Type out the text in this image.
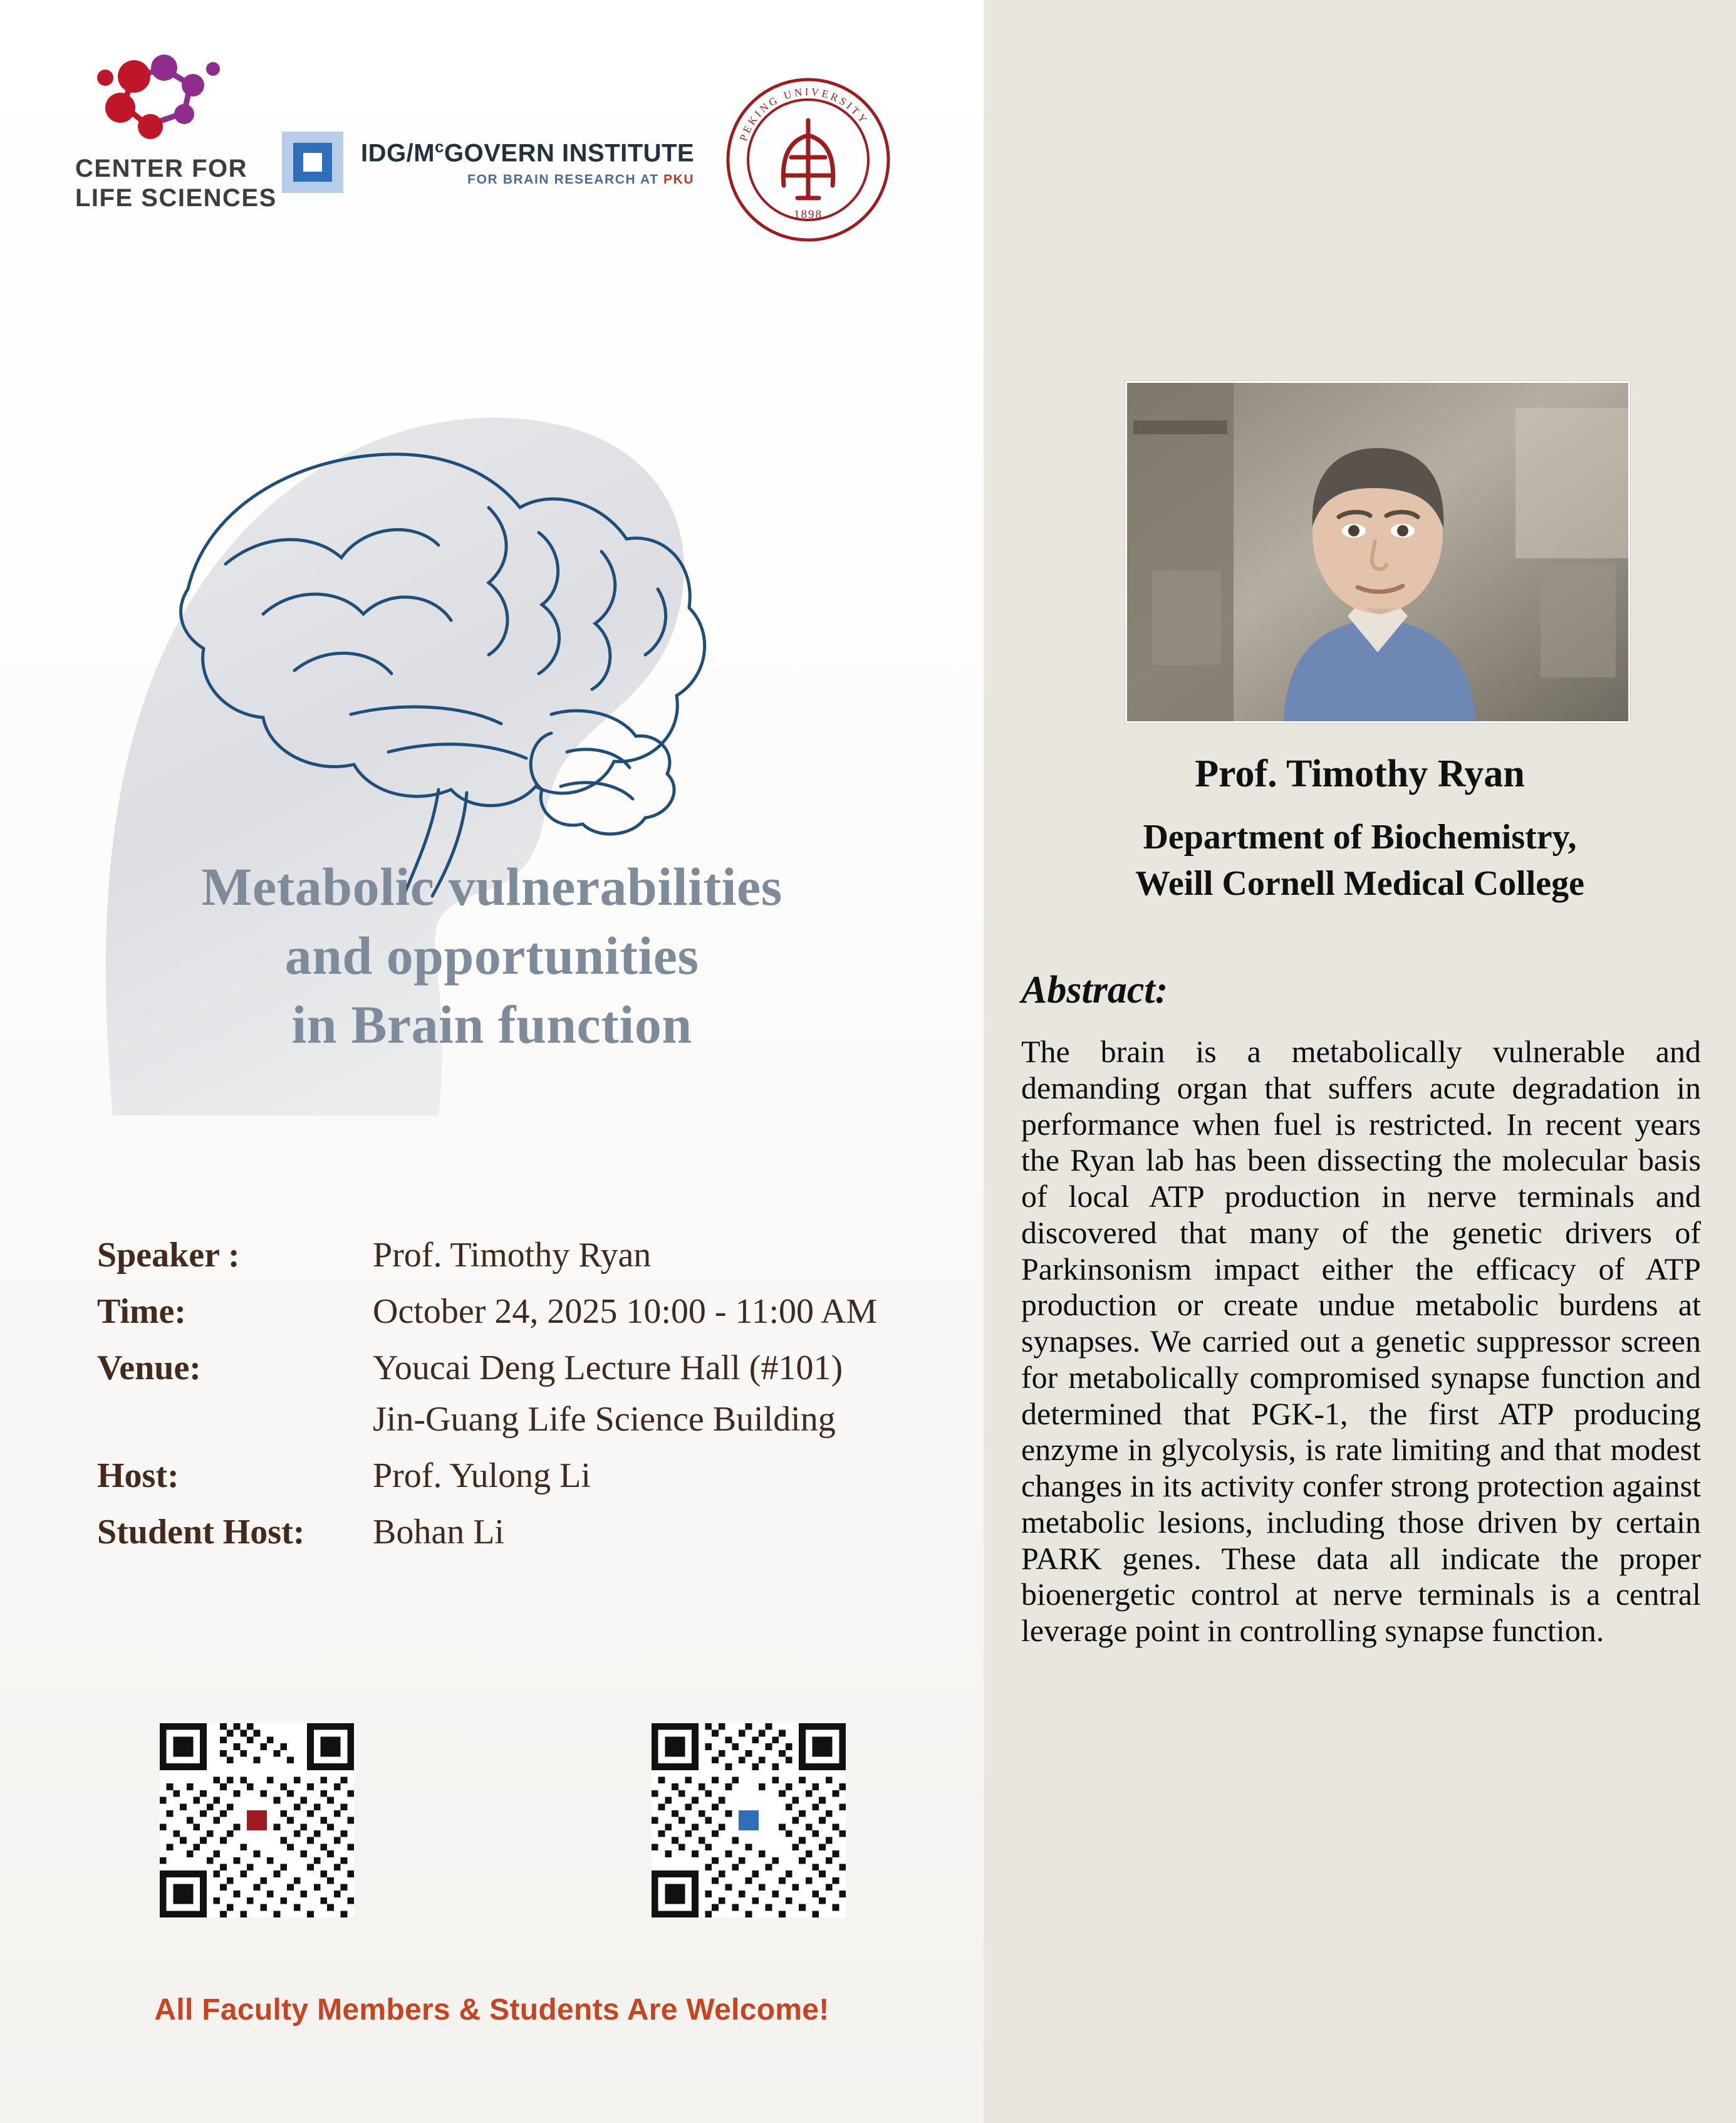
CENTER FOR
LIFE SCIENCES
IDG/$M^cGOVERN$ INSTITUTE
FOR BRAIN RESEARCH AT PKU
1898
PEKING UNIVERSITY
Metabolic vulnerabilities
and opportunities
in Brain function
Speaker :	Prof. Timothy Ryan
Time:	October 24, 2025 10:00 - 11:00 AM
Venue:	Youcai Deng Lecture Hall (#101)
Jin-Guang Life Science Building
Host:	Prof. Yulong Li
Student Host:	Bohan Li
All Faculty Members & Students Are Welcome!
Prof. Timothy Ryan
Department of Biochemistry,
Weill Cornell Medical College
Abstract:
The brain is a metabolically vulnerable and demanding organ that suffers acute degradation in performance when fuel is restricted. In recent years the Ryan lab has been dissecting the molecular basis of local ATP production in nerve terminals and discovered that many of the genetic drivers of Parkinsonism impact either the efficacy of ATP production or create undue metabolic burdens at synapses. We carried out a genetic suppressor screen for metabolically compromised synapse function and determined that PGK-1, the first ATP producing enzyme in glycolysis, is rate limiting and that modest changes in its activity confer strong protection against metabolic lesions, including those driven by certain PARK genes. These data all indicate the proper bioenergetic control at nerve terminals is a central leverage point in controlling synapse function.
